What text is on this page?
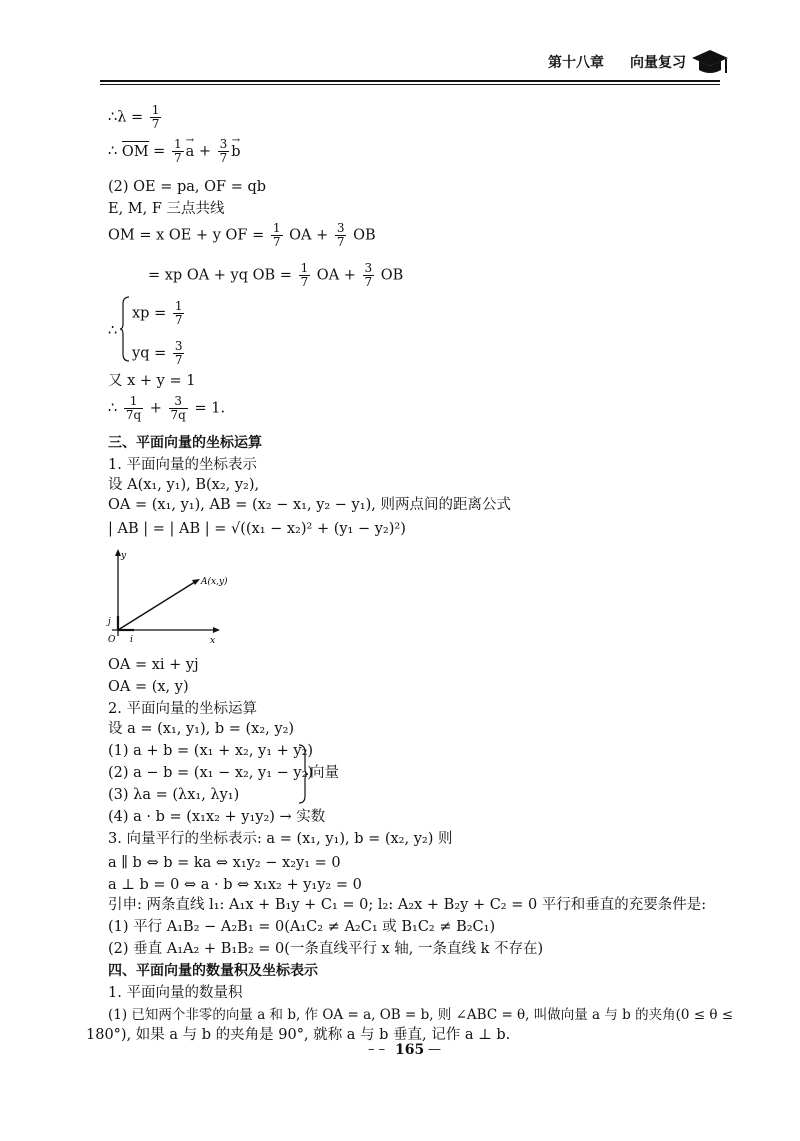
第十八章 向量复习
∴λ = $\frac{1}{7}$
∴ OM = $\frac{1}{7}$ a → + $\frac{3}{7}$ b →
(2) OE = pa, OF = qb
E, M, F 三点共线
OM = x OE + y OF = $\frac{1}{7}$ OA + $\frac{3}{7}$ OB
= xp OA + yq OB = $\frac{1}{7}$ OA + $\frac{3}{7}$ OB
∴
xp = $\frac{1}{7}$
yq = $\frac{3}{7}$
又 x + y = 1
∴ $\frac{1}{7q} + \frac{3}{7q} = 1$.
三、平面向量的坐标运算
1. 平面向量的坐标表示
设 A(x₁, y₁), B(x₂, y₂),
OA = (x₁, y₁), AB = (x₂ − x₁, y₂ − y₁), 则两点间的距离公式
| AB | = | AB | = √((x₁ − x₂)² + (y₁ − y₂)²)
A(x,y)
j
i
O	x
y
OA = xi + yj
OA = (x, y)
2. 平面向量的坐标运算
设 a = (x₁, y₁), b = (x₂, y₂)
(1) a + b = (x₁ + x₂, y₁ + y₂)
(2) a − b = (x₁ − x₂, y₁ − y₂)
(3) λa = (λx₁, λy₁)
向量
(4) a · b = (x₁x₂ + y₁y₂) → 实数
3. 向量平行的坐标表示: a = (x₁, y₁), b = (x₂, y₂) 则
a ∥ b ⇔ b = ka ⇔ x₁y₂ − x₂y₁ = 0
a ⊥ b = 0 ⇔ a · b ⇔ x₁x₂ + y₁y₂ = 0
引申: 两条直线 l₁: A₁x + B₁y + C₁ = 0; l₂: A₂x + B₂y + C₂ = 0 平行和垂直的充要条件是:
(1) 平行 A₁B₂ − A₂B₁ = 0(A₁C₂ ≠ A₂C₁ 或 B₁C₂ ≠ B₂C₁)
(2) 垂直 A₁A₂ + B₁B₂ = 0(一条直线平行 x 轴, 一条直线 k 不存在)
四、平面向量的数量积及坐标表示
1. 平面向量的数量积
(1) 已知两个非零的向量 a 和 b, 作 OA = a, OB = b, 则 ∠ABC = θ, 叫做向量 a 与 b 的夹角(0 ≤ θ ≤
180°), 如果 a 与 b 的夹角是 90°, 就称 a 与 b 垂直, 记作 a ⊥ b.
– – 165 —
